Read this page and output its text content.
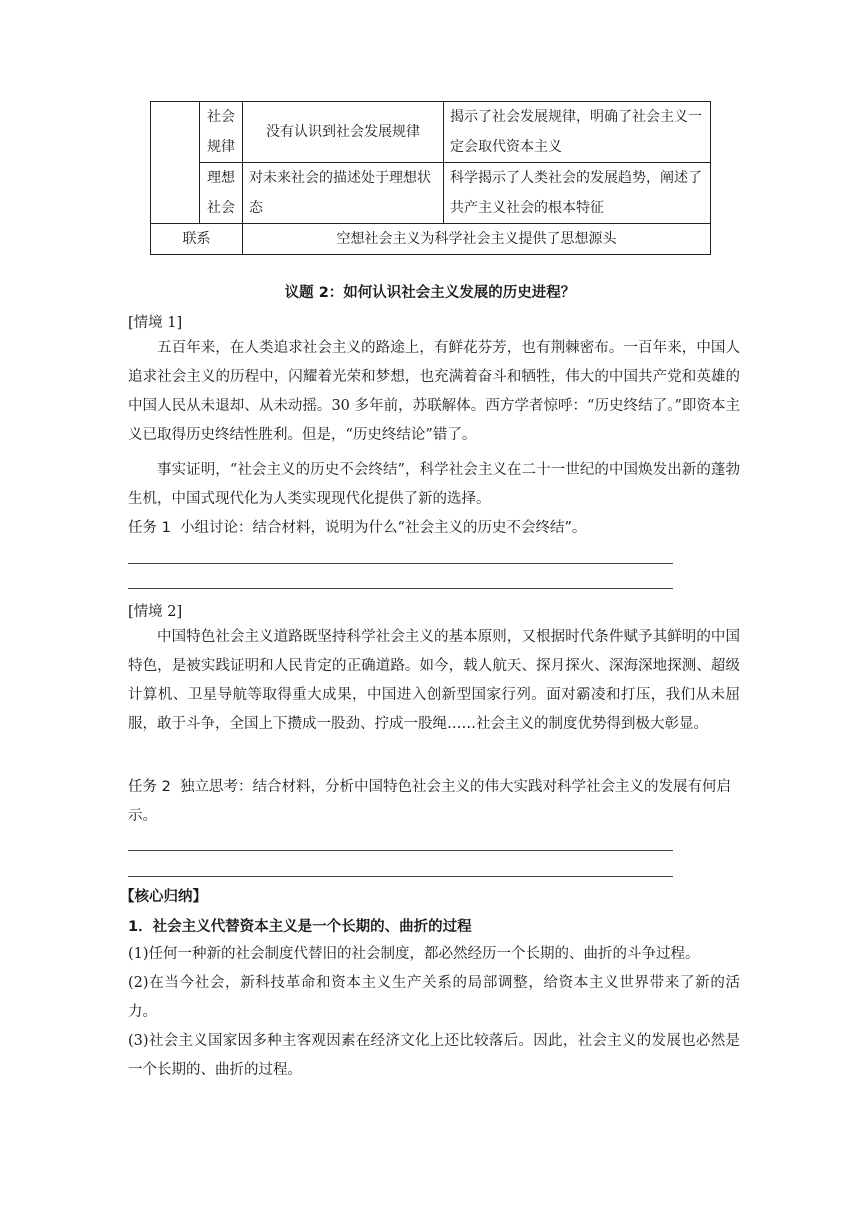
	社会
规律	没有认识到社会发展规律	揭示了社会发展规律，明确了社会主义一定会取代资本主义

	理想
社会	对未来社会的描述处于理想状态	科学揭示了人类社会的发展趋势，阐述了共产主义社会的根本特征
联系		空想社会主义为科学社会主义提供了思想源头	
议题 2：如何认识社会主义发展的历史进程？
[情境 1]

五百年来，在人类追求社会主义的路途上，有鲜花芬芳，也有荆棘密布。一百年来，中国人追求社会主义的历程中，闪耀着光荣和梦想，也充满着奋斗和牺牲，伟大的中国共产党和英雄的中国人民从未退却、从未动摇。30 多年前，苏联解体。西方学者惊呼：“历史终结了。”即资本主义已取得历史终结性胜利。但是，“历史终结论”错了。

事实证明，“社会主义的历史不会终结”，科学社会主义在二十一世纪的中国焕发出新的蓬勃生机，中国式现代化为人类实现现代化提供了新的选择。

任务 1 小组讨论：结合材料，说明为什么“社会主义的历史不会终结”。
[情境 2]

中国特色社会主义道路既坚持科学社会主义的基本原则，又根据时代条件赋予其鲜明的中国特色，是被实践证明和人民肯定的正确道路。如今，载人航天、探月探火、深海深地探测、超级计算机、卫星导航等取得重大成果，中国进入创新型国家行列。面对霸凌和打压，我们从未屈服，敢于斗争，全国上下攒成一股劲、拧成一股绳……社会主义的制度优势得到极大彰显。

任务 2 独立思考：结合材料，分析中国特色社会主义的伟大实践对科学社会主义的发展有何启示。
【核心归纳】
1．社会主义代替资本主义是一个长期的、曲折的过程

(1)任何一种新的社会制度代替旧的社会制度，都必然经历一个长期的、曲折的斗争过程。

(2)在当今社会，新科技革命和资本主义生产关系的局部调整，给资本主义世界带来了新的活力。

(3)社会主义国家因多种主客观因素在经济文化上还比较落后。因此，社会主义的发展也必然是一个长期的、曲折的过程。
